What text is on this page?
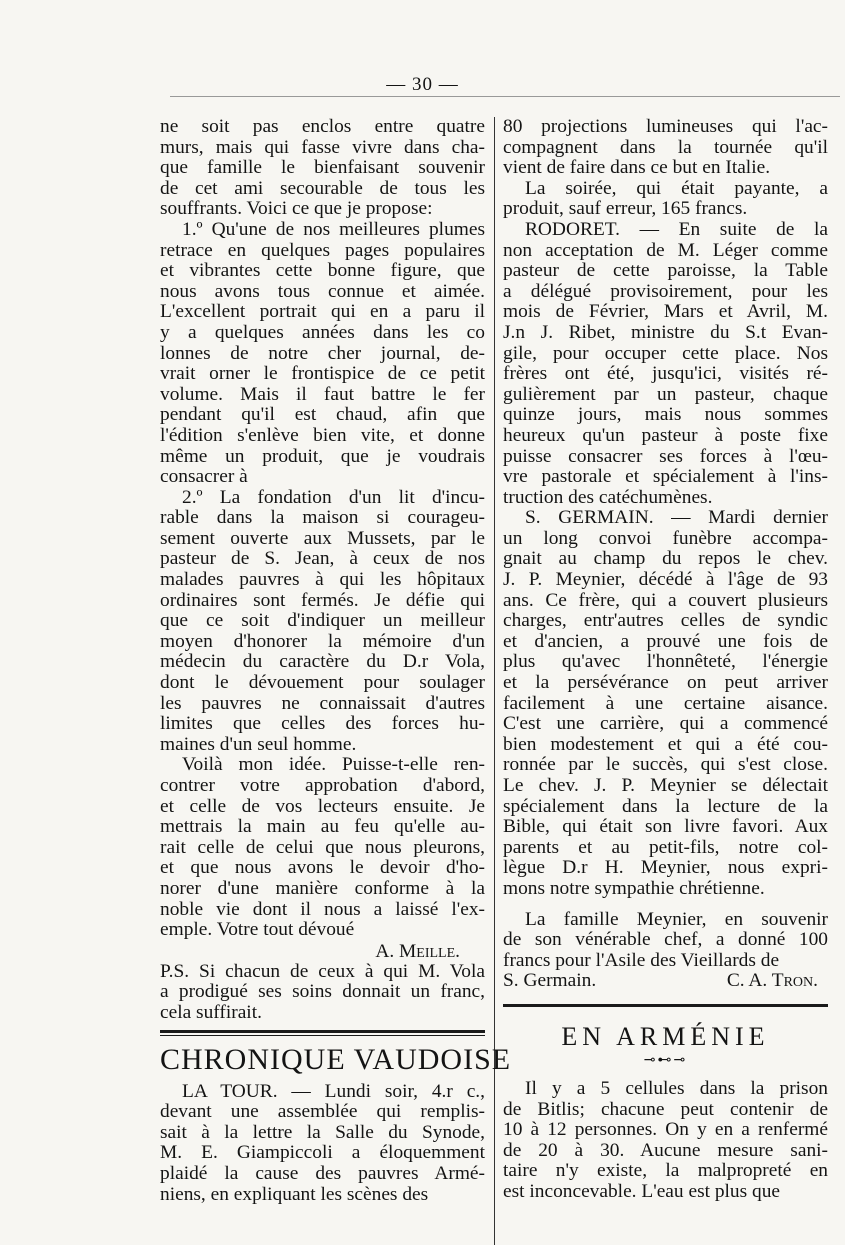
— 30 —
ne soit pas enclos entre quatre
murs, mais qui fasse vivre dans cha-
que famille le bienfaisant souvenir
de cet ami secourable de tous les
souffrants. Voici ce que je propose:
1.º Qu'une de nos meilleures plumes
retrace en quelques pages populaires
et vibrantes cette bonne figure, que
nous avons tous connue et aimée.
L'excellent portrait qui en a paru il
y a quelques années dans les co
lonnes de notre cher journal, de-
vrait orner le frontispice de ce petit
volume. Mais il faut battre le fer
pendant qu'il est chaud, afin que
l'édition s'enlève bien vite, et donne
même un produit, que je voudrais
consacrer à
2.º La fondation d'un lit d'incu-
rable dans la maison si courageu-
sement ouverte aux Mussets, par le
pasteur de S. Jean, à ceux de nos
malades pauvres à qui les hôpitaux
ordinaires sont fermés. Je défie qui
que ce soit d'indiquer un meilleur
moyen d'honorer la mémoire d'un
médecin du caractère du D.r Vola,
dont le dévouement pour soulager
les pauvres ne connaissait d'autres
limites que celles des forces hu-
maines d'un seul homme.
Voilà mon idée. Puisse-t-elle ren-
contrer votre approbation d'abord,
et celle de vos lecteurs ensuite. Je
mettrais la main au feu qu'elle au-
rait celle de celui que nous pleurons,
et que nous avons le devoir d'ho-
norer d'une manière conforme à la
noble vie dont il nous a laissé l'ex-
emple. Votre tout dévoué
A. Meille.
P.S. Si chacun de ceux à qui M. Vola
a prodigué ses soins donnait un franc,
cela suffirait.
CHRONIQUE VAUDOISE
LA TOUR. — Lundi soir, 4.r c.,
devant une assemblée qui remplis-
sait à la lettre la Salle du Synode,
M. E. Giampiccoli a éloquemment
plaidé la cause des pauvres Armé-
niens, en expliquant les scènes des
80 projections lumineuses qui l'ac-
compagnent dans la tournée qu'il
vient de faire dans ce but en Italie.
La soirée, qui était payante, a
produit, sauf erreur, 165 francs.
RODORET. — En suite de la
non acceptation de M. Léger comme
pasteur de cette paroisse, la Table
a délégué provisoirement, pour les
mois de Février, Mars et Avril, M.
J.n J. Ribet, ministre du S.t Evan-
gile, pour occuper cette place. Nos
frères ont été, jusqu'ici, visités ré-
gulièrement par un pasteur, chaque
quinze jours, mais nous sommes
heureux qu'un pasteur à poste fixe
puisse consacrer ses forces à l'œu-
vre pastorale et spécialement à l'ins-
truction des catéchumènes.
S. GERMAIN. — Mardi dernier
un long convoi funèbre accompa-
gnait au champ du repos le chev.
J. P. Meynier, décédé à l'âge de 93
ans. Ce frère, qui a couvert plusieurs
charges, entr'autres celles de syndic
et d'ancien, a prouvé une fois de
plus qu'avec l'honnêteté, l'énergie
et la persévérance on peut arriver
facilement à une certaine aisance.
C'est une carrière, qui a commencé
bien modestement et qui a été cou-
ronnée par le succès, qui s'est close.
Le chev. J. P. Meynier se délectait
spécialement dans la lecture de la
Bible, qui était son livre favori. Aux
parents et au petit-fils, notre col-
lègue D.r H. Meynier, nous expri-
mons notre sympathie chrétienne.
La famille Meynier, en souvenir
de son vénérable chef, a donné 100
francs pour l'Asile des Vieillards de
S. Germain.	C. A. Tron.
EN ARMÉNIE
⊸⊷⊸
Il y a 5 cellules dans la prison
de Bitlis; chacune peut contenir de
10 à 12 personnes. On y en a renfermé
de 20 à 30. Aucune mesure sani-
taire n'y existe, la malpropreté en
est inconcevable. L'eau est plus que
